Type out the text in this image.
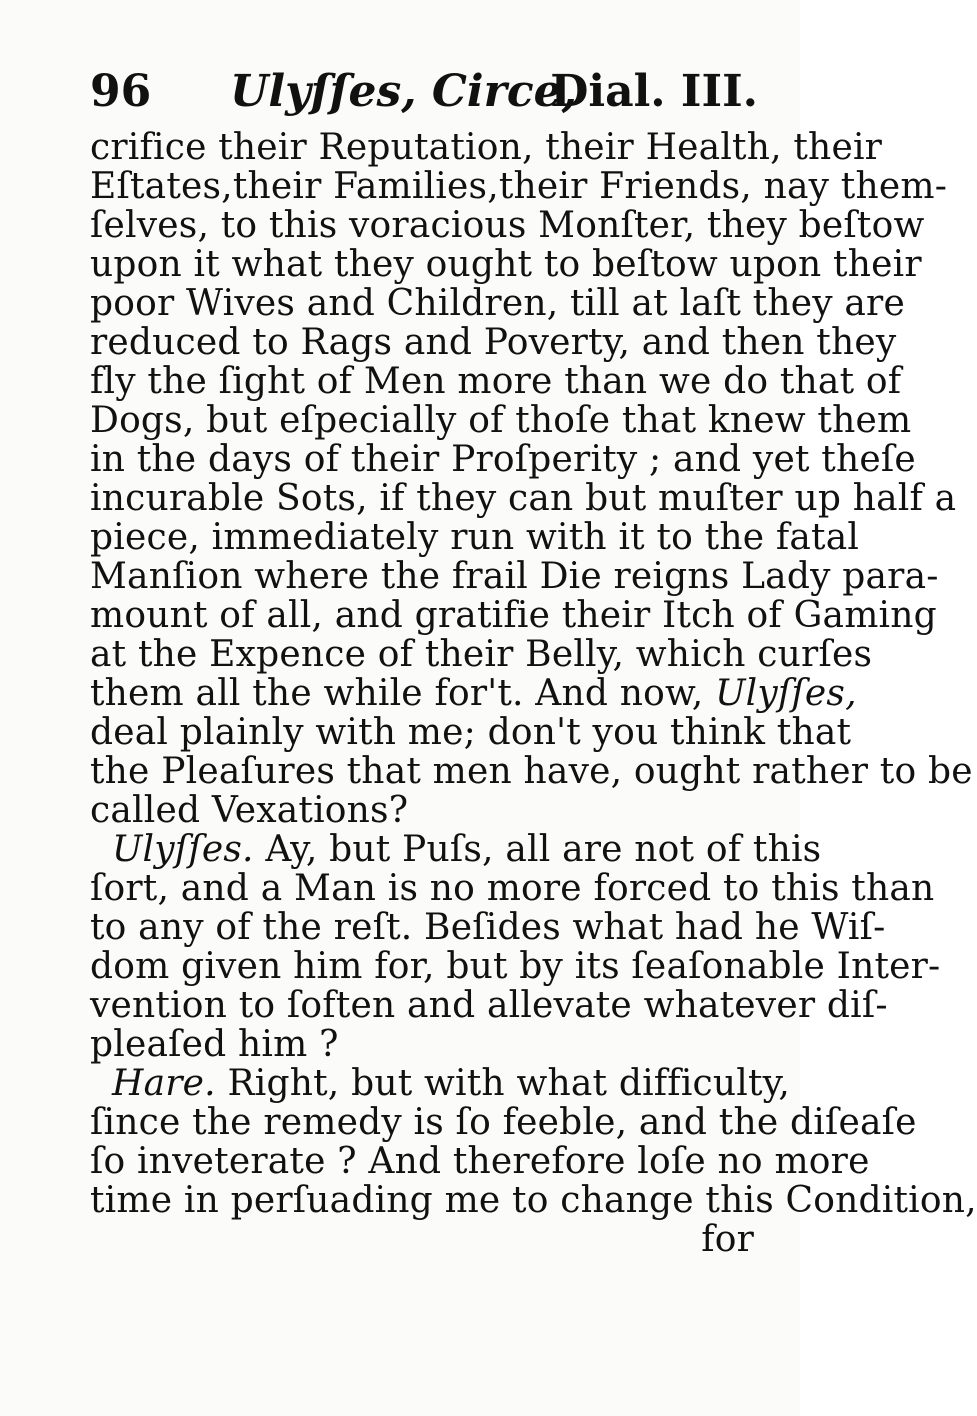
96 Ulyſſes, Circe,
Dial. III.
crifice their Reputation, their Health, their
Eſtates,their Families,their Friends, nay them-
ſelves, to this voracious Monſter, they beſtow
upon it what they ought to beſtow upon their
poor Wives and Children, till at laſt they are
reduced to Rags and Poverty, and then they
fly the ſight of Men more than we do that of
Dogs, but eſpecially of thoſe that knew them
in the days of their Proſperity ; and yet theſe
incurable Sots, if they can but muſter up half a
piece, immediately run with it to the fatal
Manſion where the frail Die reigns Lady para-
mount of all, and gratifie their Itch of Gaming
at the Expence of their Belly, which curſes
them all the while for't. And now, Ulyſſes,
deal plainly with me; don't you think that
the Pleaſures that men have, ought rather to be
called Vexations?
Ulyſſes. Ay, but Puſs, all are not of this
ſort, and a Man is no more forced to this than
to any of the reſt. Beſides what had he Wiſ-
dom given him for, but by its ſeaſonable Inter-
vention to ſoften and allevate whatever diſ-
pleaſed him ?
Hare. Right, but with what difficulty,
ſince the remedy is ſo feeble, and the diſeaſe
ſo inveterate ? And therefore loſe no more
time in perſuading me to change this Condition,
for
